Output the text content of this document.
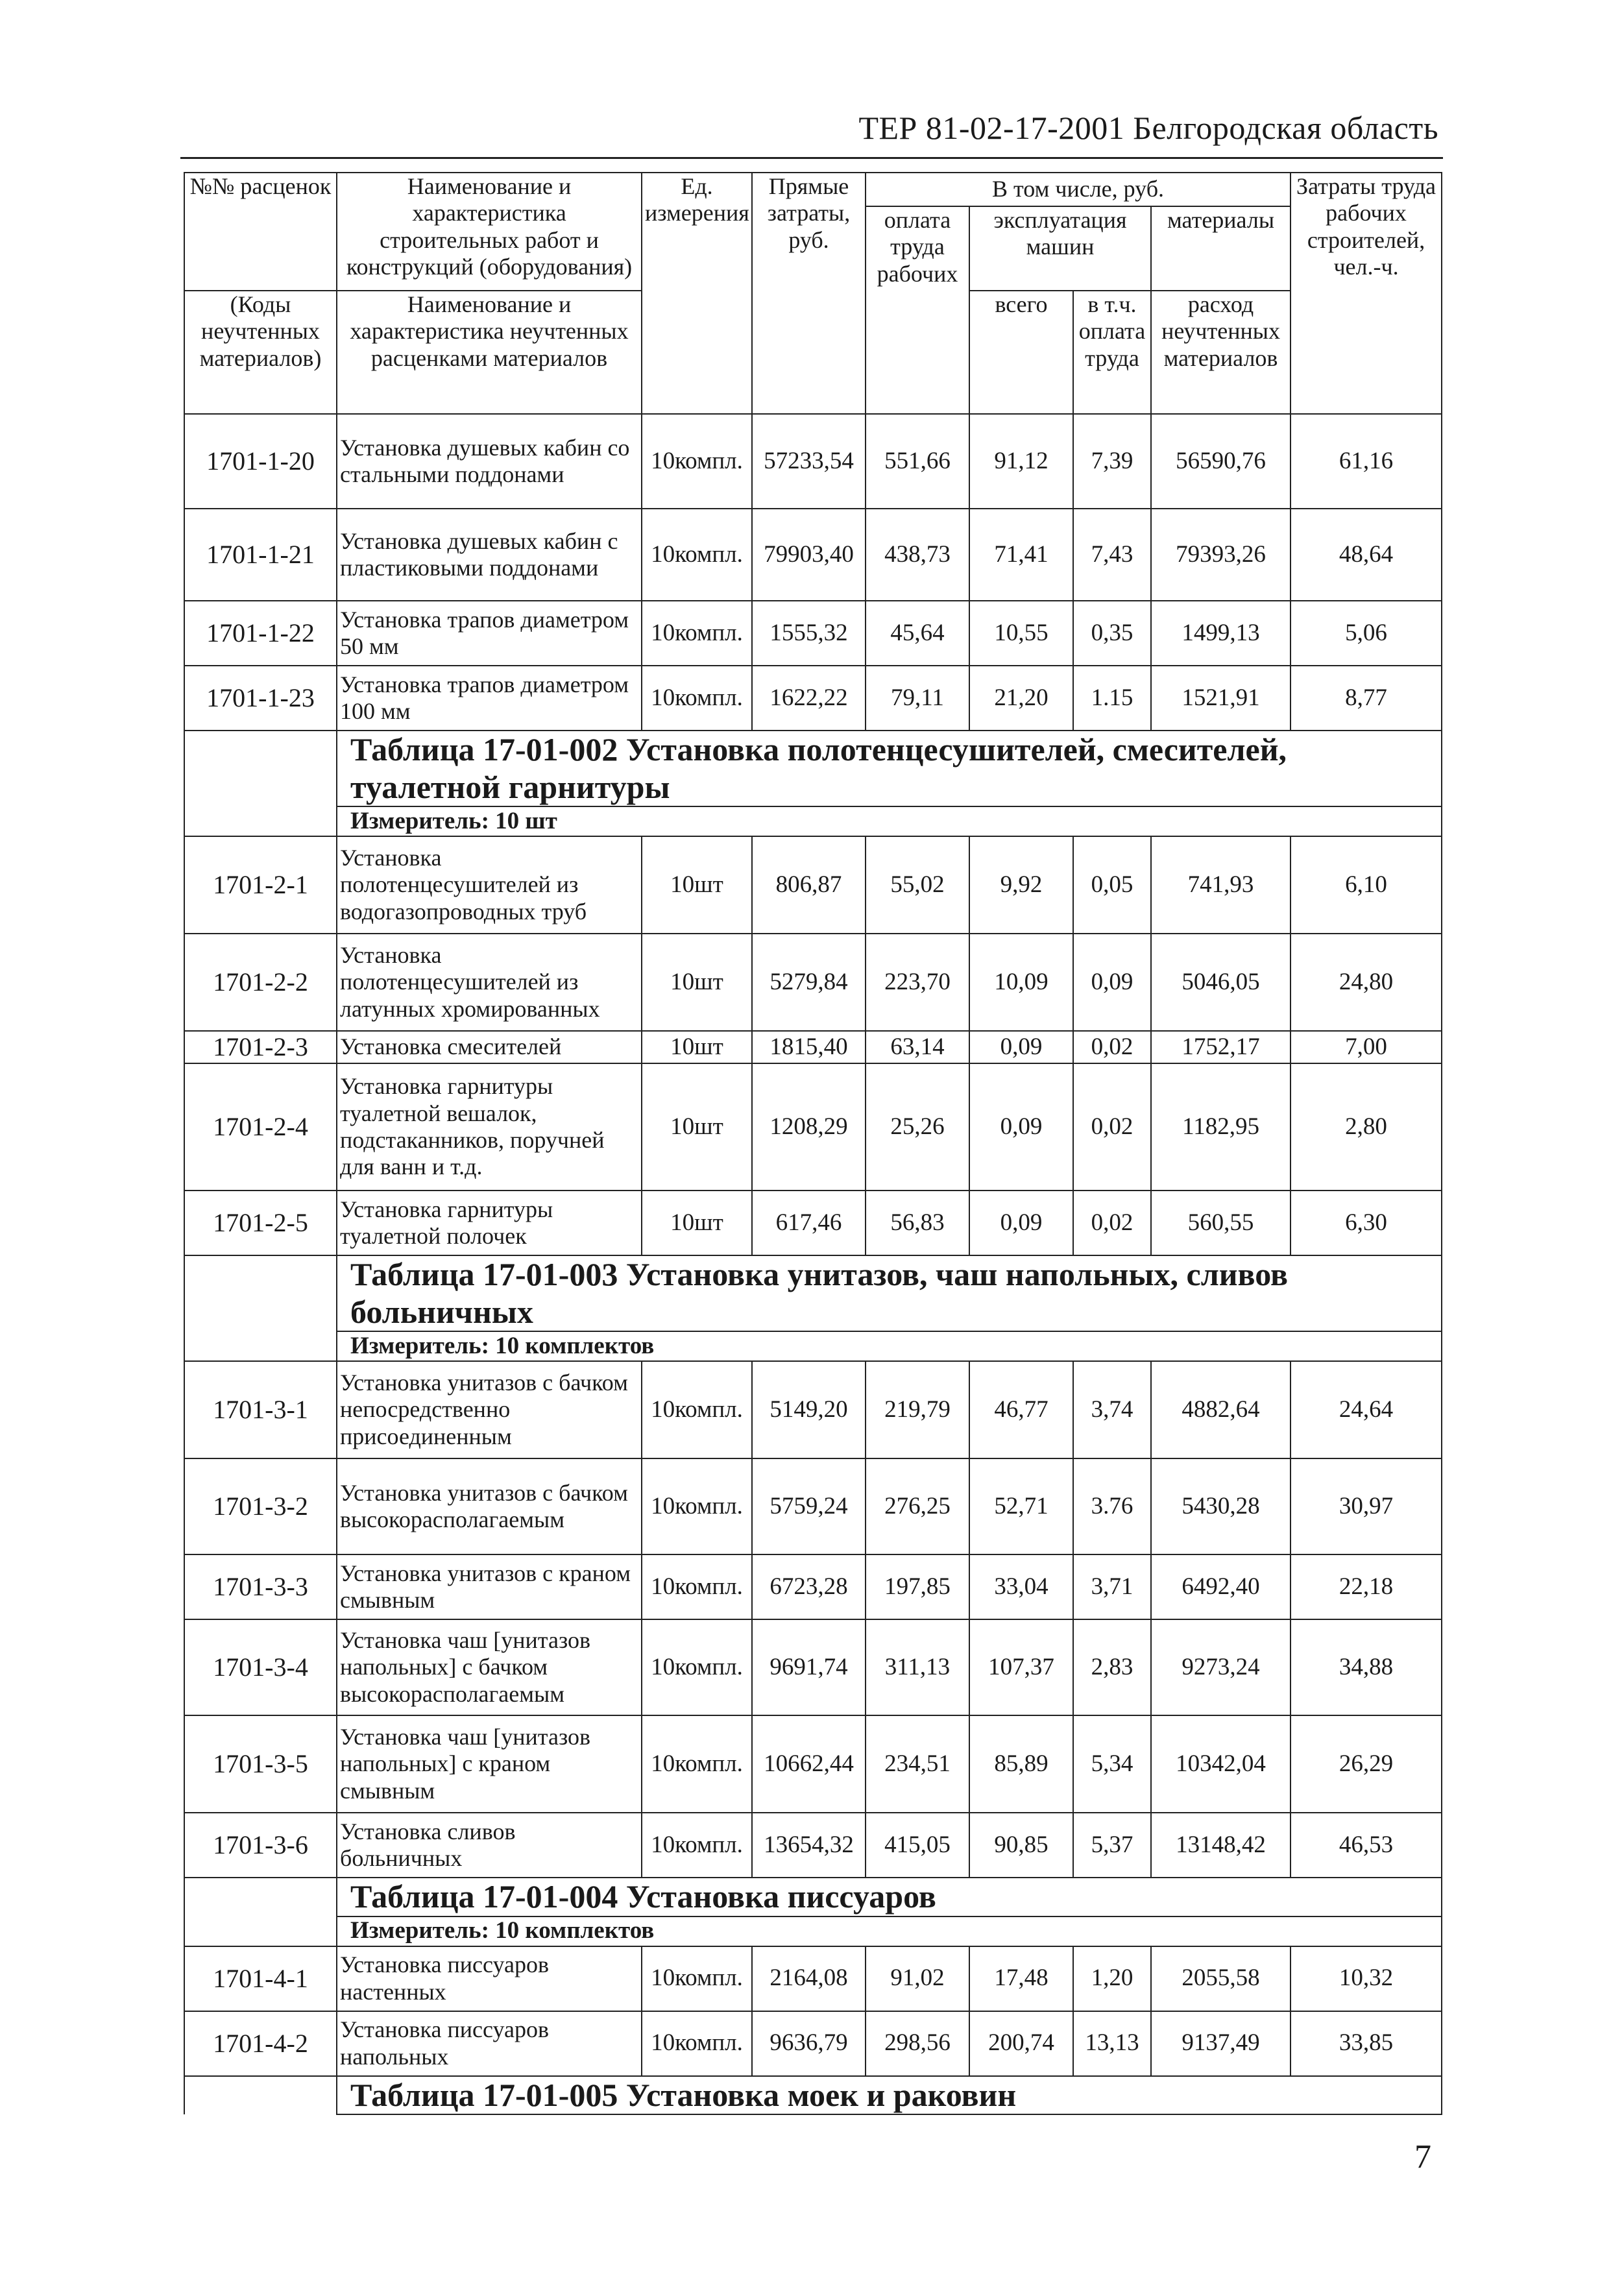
ТЕР 81-02-17-2001 Белгородская область
№№ расценок	Наименование и характеристика строительных работ и конструкций (оборудования)	Ед. измерения	Прямые затраты, руб.	В том числе, руб.				Затраты труда рабочих строителей, чел.-ч.
				оплата труда рабочих	эксплуатация машин		материалы	
(Коды неучтенных материалов)	Наименование и характеристика неучтенных расценками материалов				всего	в т.ч. оплата труда	расход неучтенных материалов	
1701-1-20	Установка душевых кабин со стальными поддонами	10компл.	57233,54	551,66	91,12	7,39	56590,76	61,16
1701-1-21	Установка душевых кабин с пластиковыми поддонами	10компл.	79903,40	438,73	71,41	7,43	79393,26	48,64
1701-1-22	Установка трапов диаметром 50 мм	10компл.	1555,32	45,64	10,55	0,35	1499,13	5,06
1701-1-23	Установка трапов диаметром 100 мм	10компл.	1622,22	79,11	21,20	1.15	1521,91	8,77
	Таблица 17-01-002 Установка полотенцесушителей, смесителей, туалетной гарнитуры							
	Измеритель: 10 шт							
1701-2-1	Установка полотенцесушителей из водогазопроводных труб	10шт	806,87	55,02	9,92	0,05	741,93	6,10
1701-2-2	Установка полотенцесушителей из латунных хромированных	10шт	5279,84	223,70	10,09	0,09	5046,05	24,80
1701-2-3	Установка смесителей	10шт	1815,40	63,14	0,09	0,02	1752,17	7,00
1701-2-4	Установка гарнитуры туалетной вешалок, подстаканников, поручней для ванн и т.д.	10шт	1208,29	25,26	0,09	0,02	1182,95	2,80
1701-2-5	Установка гарнитуры туалетной полочек	10шт	617,46	56,83	0,09	0,02	560,55	6,30
	Таблица 17-01-003 Установка унитазов, чаш напольных, сливов больничных							
	Измеритель: 10 комплектов							
1701-3-1	Установка унитазов с бачком непосредственно присоединенным	10компл.	5149,20	219,79	46,77	3,74	4882,64	24,64
1701-3-2	Установка унитазов с бачком высокорасполагаемым	10компл.	5759,24	276,25	52,71	3.76	5430,28	30,97
1701-3-3	Установка унитазов с краном смывным	10компл.	6723,28	197,85	33,04	3,71	6492,40	22,18
1701-3-4	Установка чаш [унитазов напольных] с бачком высокорасполагаемым	10компл.	9691,74	311,13	107,37	2,83	9273,24	34,88
1701-3-5	Установка чаш [унитазов напольных] с краном смывным	10компл.	10662,44	234,51	85,89	5,34	10342,04	26,29
1701-3-6	Установка сливов больничных	10компл.	13654,32	415,05	90,85	5,37	13148,42	46,53
	Таблица 17-01-004 Установка писсуаров							
	Измеритель: 10 комплектов							
1701-4-1	Установка писсуаров настенных	10компл.	2164,08	91,02	17,48	1,20	2055,58	10,32
1701-4-2	Установка писсуаров напольных	10компл.	9636,79	298,56	200,74	13,13	9137,49	33,85
	Таблица 17-01-005 Установка моек и раковин							
7
